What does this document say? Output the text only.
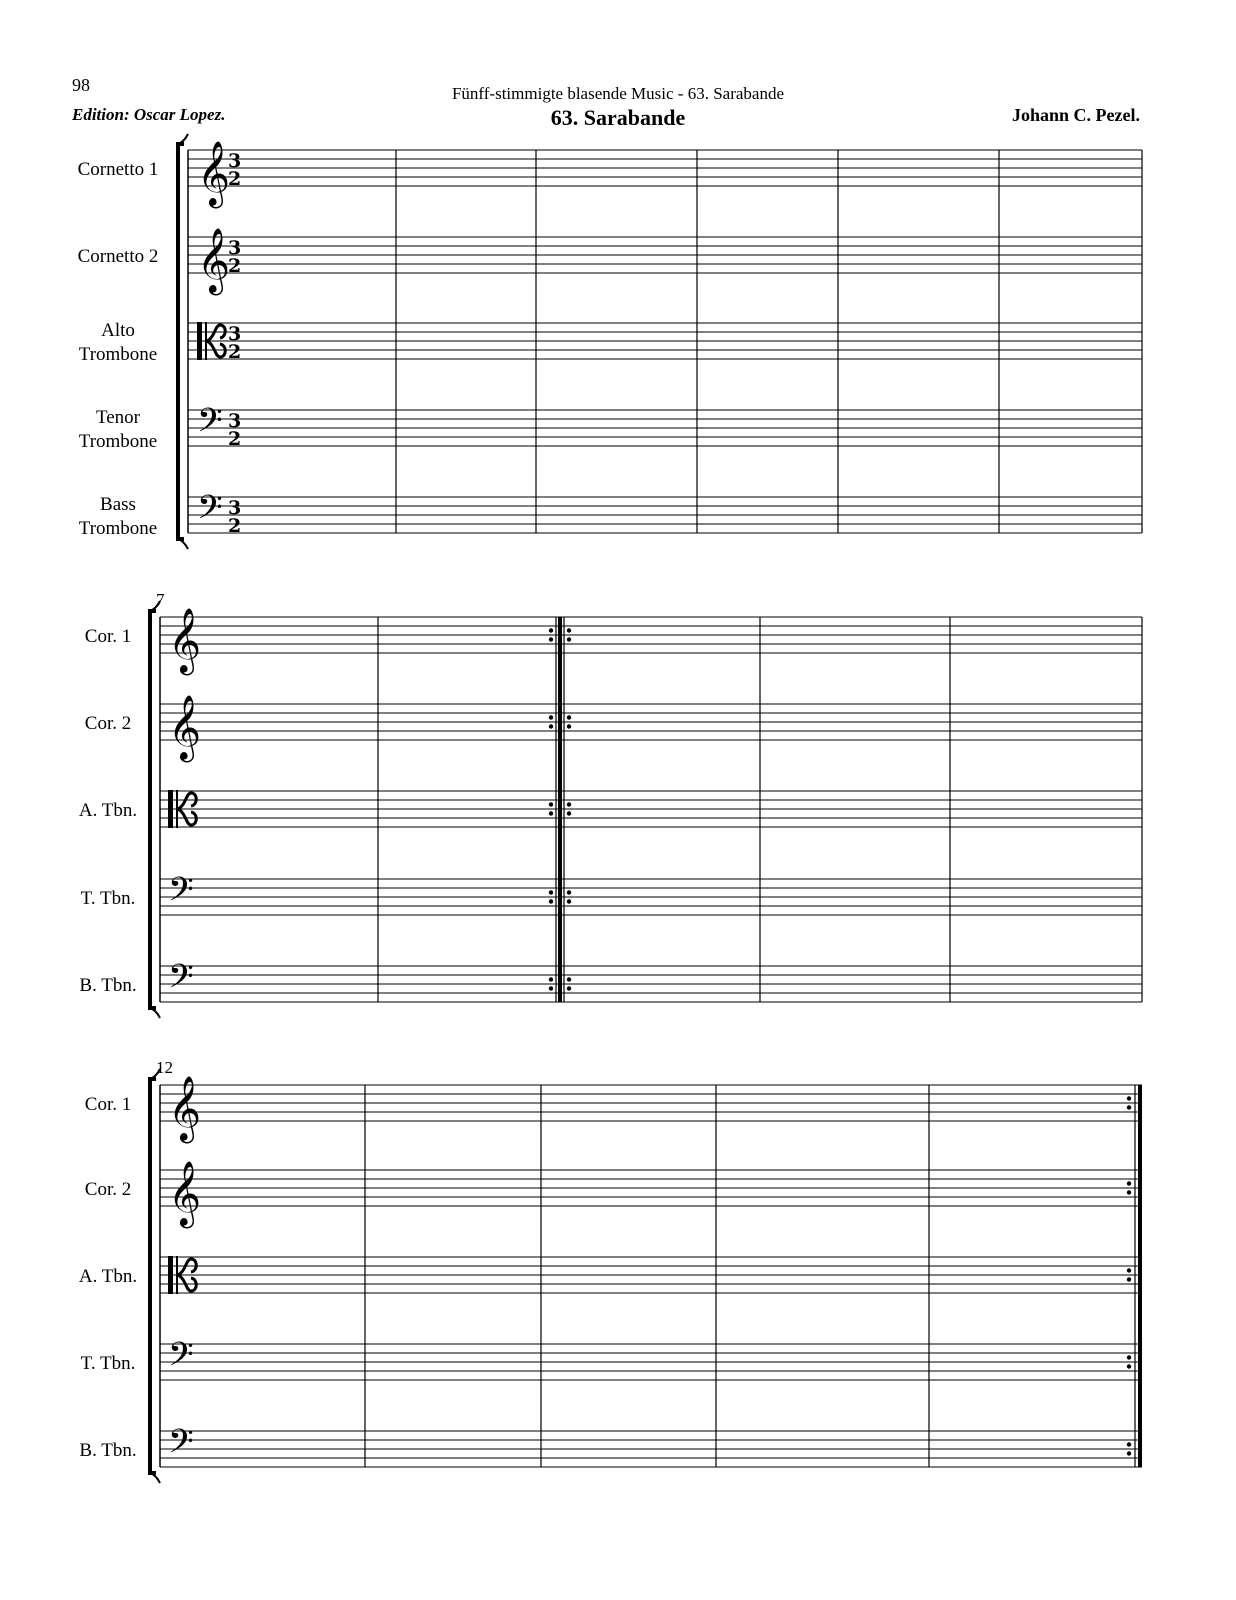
98	Fünff-stimmigte blasende Music - 63. Sarabande
Edition: Oscar Lopez.	63. Sarabande	Johann C. Pezel.
Cornetto 1 𝄞
3
2
Cornetto 2 𝄞
3
2
Alto
Trombone
3
2
Tenor
Trombone 𝄢 3
2
Bass
Trombone 𝄢 3
2
Cor. 1 𝄞
Cor. 2 𝄞
A. Tbn.
T. Tbn. 𝄢
B. Tbn. 𝄢
7
Cor. 1 𝄞
Cor. 2 𝄞
A. Tbn.
T. Tbn. 𝄢
B. Tbn. 𝄢
12
